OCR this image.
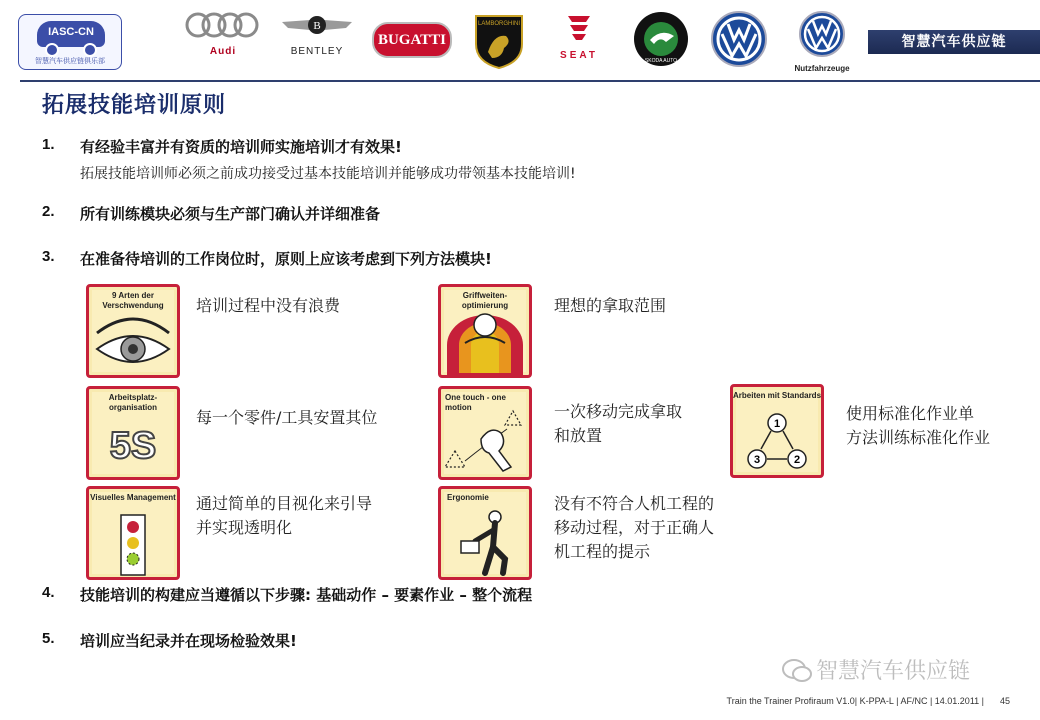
IASC-CN
智慧汽车供应链俱乐部
Audi
B
BENTLEY
BUGATTI
LAMBORGHINI
SEAT	SKODA AUTO
Nutzfahrzeuge
智慧汽车供应链
拓展技能培训原则
1. 有经验丰富并有资质的培训师实施培训才有效果!
拓展技能培训师必须之前成功接受过基本技能培训并能够成功带领基本技能培训!
2. 所有训练模块必须与生产部门确认并详细准备
3. 在准备待培训的工作岗位时，原则上应该考虑到下列方法模块!
9 Arten der Verschwendung	培训过程中没有浪费
Griffweiten-optimierung	理想的拿取范围
Arbeitsplatz-organisation
5S
每一个零件/工具安置其位
One touch - one motion	一次移动完成拿取
和放置
Arbeiten mit Standards
1
2
3
使用标准化作业单
方法训练标准化作业
Visuelles Management 通过简单的目视化来引导
并实现透明化
Ergonomie	没有不符合人机工程的
移动过程，对于正确人
机工程的提示
4. 技能培训的构建应当遵循以下步骤: 基础动作 – 要素作业 – 整个流程
5. 培训应当纪录并在现场检验效果!
智慧汽车供应链
Train the Trainer Profiraum V1.0| K-PPA-L | AF/NC | 14.01.2011 | 45
